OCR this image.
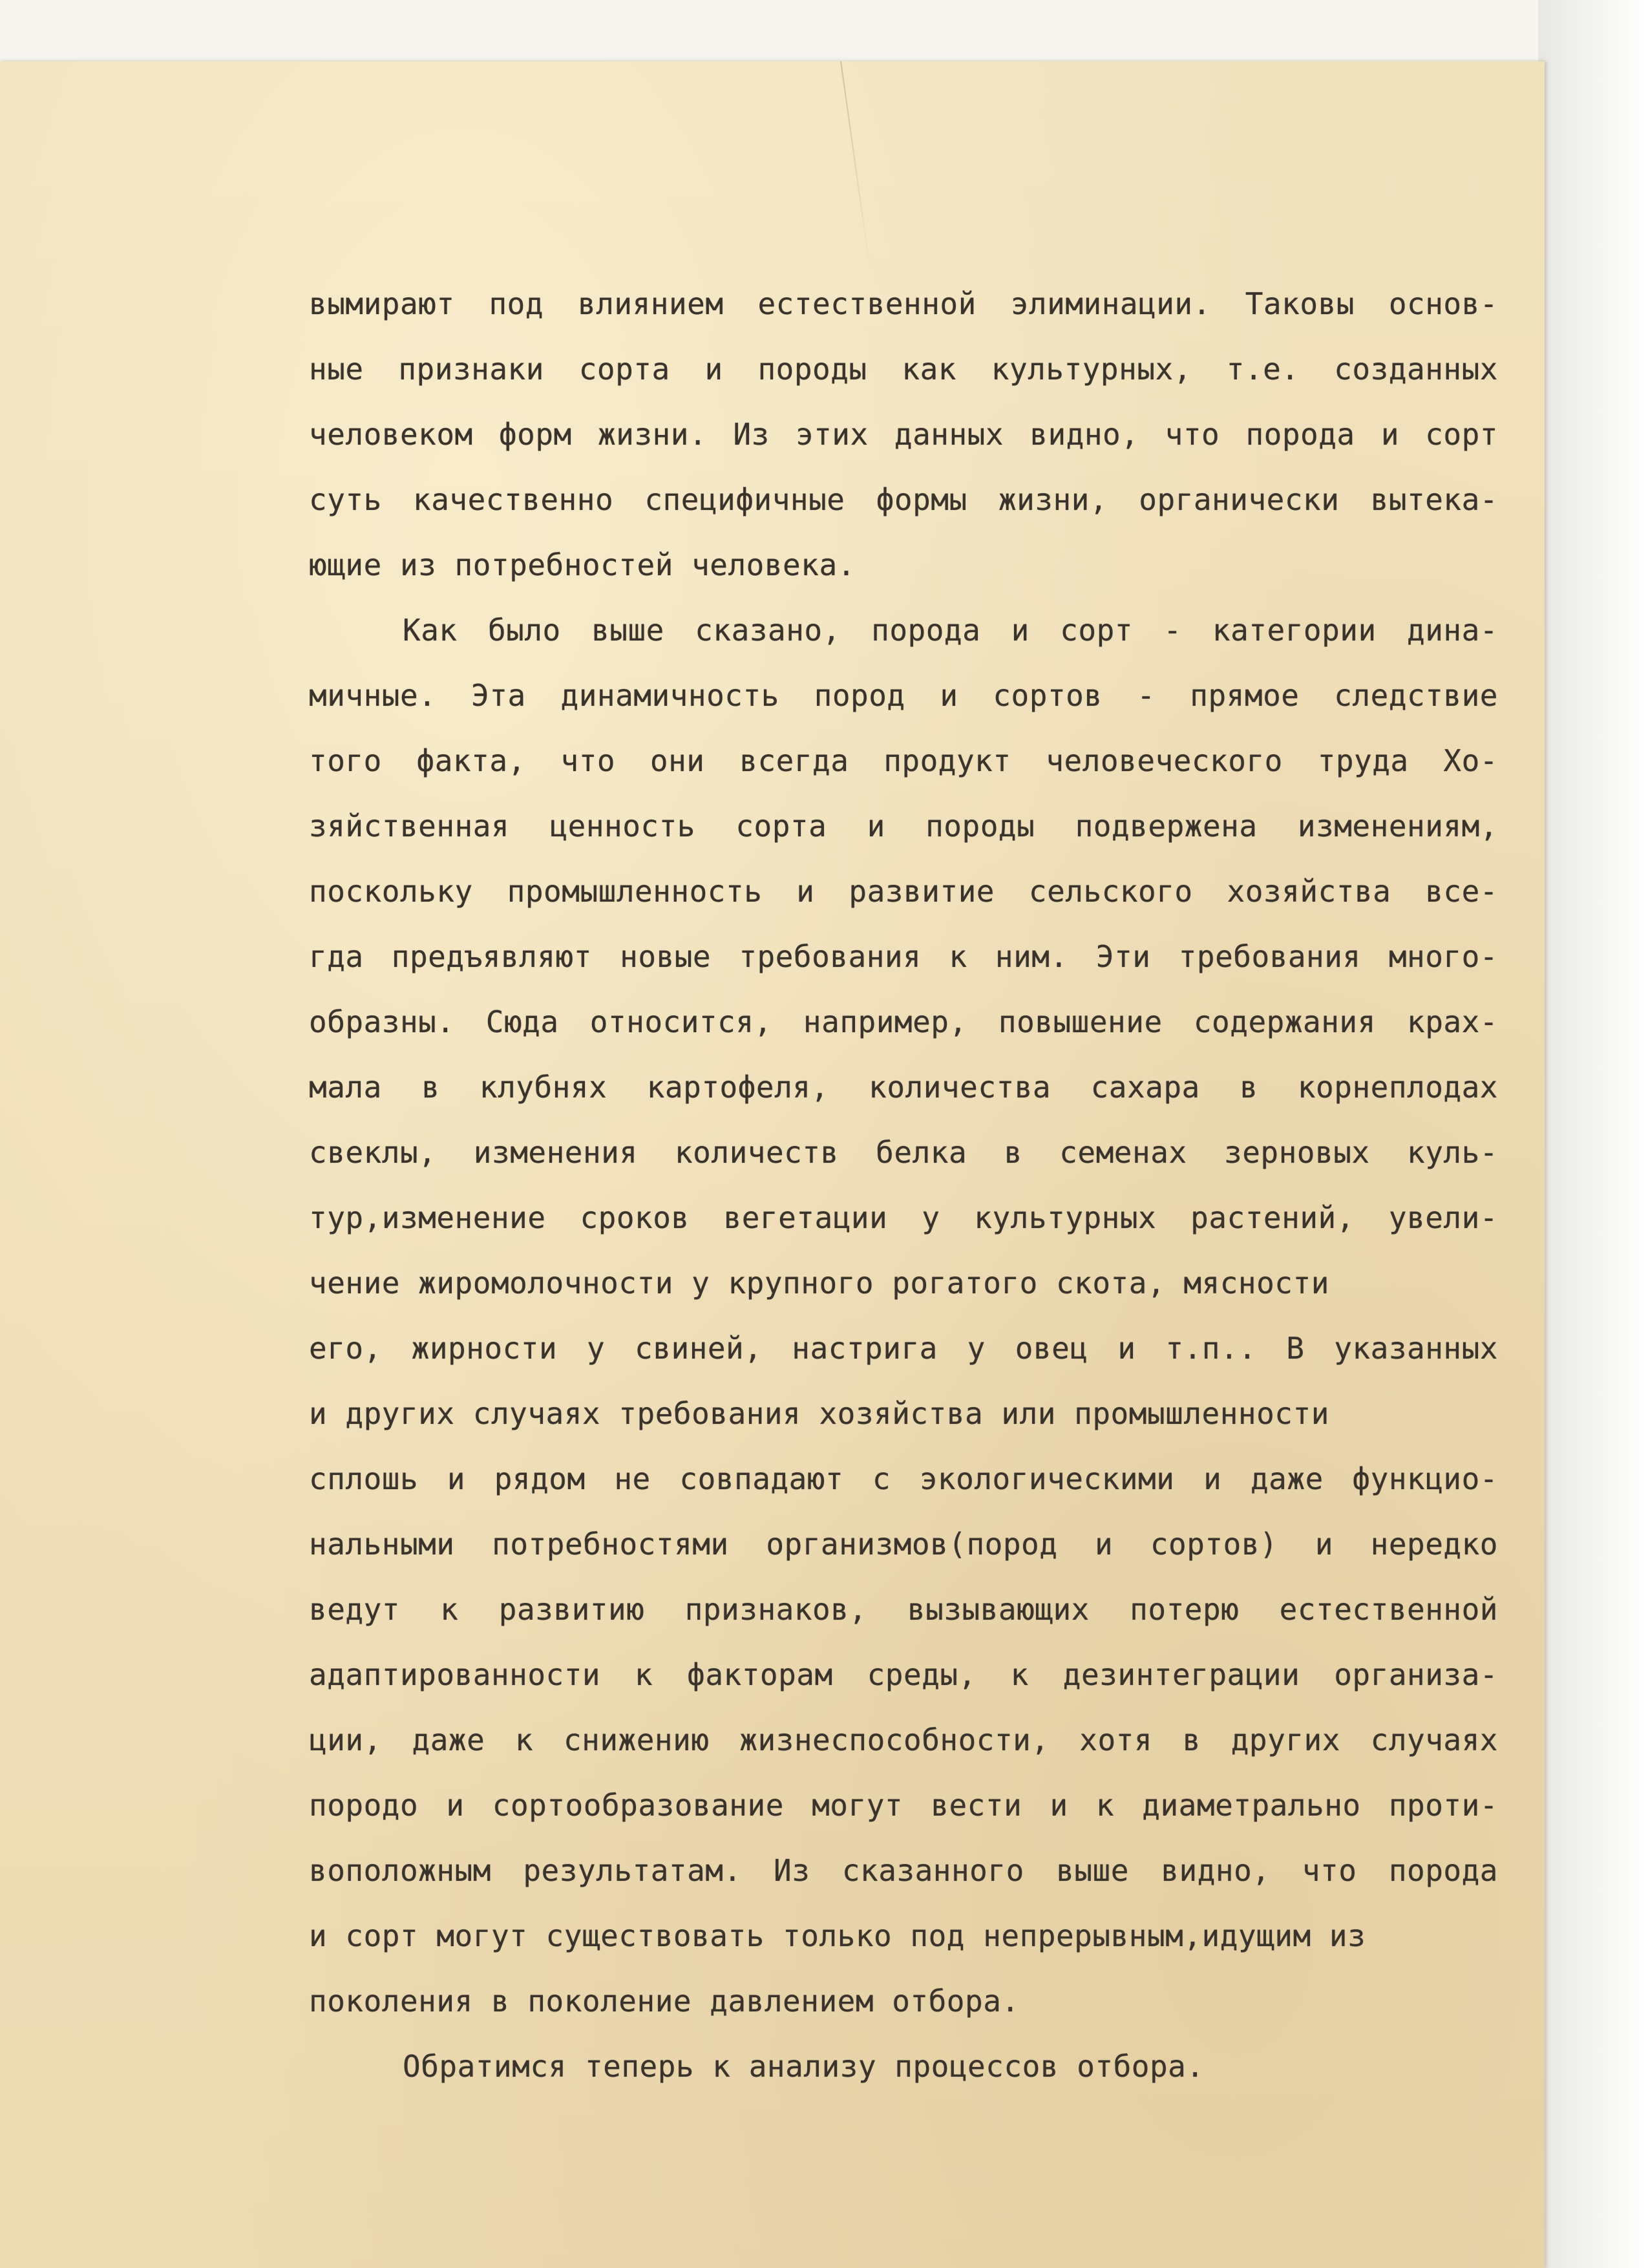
вымирают под влиянием естественной элиминации. Таковы основ-
ные признаки сорта и породы как культурных, т.е. созданных
человеком форм жизни. Из этих данных видно, что порода и сорт
суть качественно специфичные формы жизни, органически вытека-
ющие из потребностей человека.
Как было выше сказано, порода и сорт - категории дина-
мичные. Эта динамичность пород и сортов - прямое следствие
того факта, что они всегда продукт человеческого труда Хо-
зяйственная ценность сорта и породы подвержена изменениям,
поскольку промышленность и развитие сельского хозяйства все-
гда предъявляют новые требования к ним. Эти требования много-
образны. Сюда относится, например, повышение содержания крах-
мала в клубнях картофеля, количества сахара в корнеплодах
свеклы, изменения количеств белка в семенах зерновых куль-
тур,изменение сроков вегетации у культурных растений, увели-
чение жиромолочности у крупного рогатого скота, мясности
его, жирности у свиней, настрига у овец и т.п.. В указанных
и других случаях требования хозяйства или промышленности
сплошь и рядом не совпадают с экологическими и даже функцио-
нальными потребностями организмов(пород и сортов) и нередко
ведут к развитию признаков, вызывающих потерю естественной
адаптированности к факторам среды, к дезинтеграции организа-
ции, даже к снижению жизнеспособности, хотя в других случаях
породо и сортообразование могут вести и к диаметрально проти-
воположным результатам. Из сказанного выше видно, что порода
и сорт могут существовать только под непрерывным,идущим из
поколения в поколение давлением отбора.
Обратимся теперь к анализу процессов отбора.
